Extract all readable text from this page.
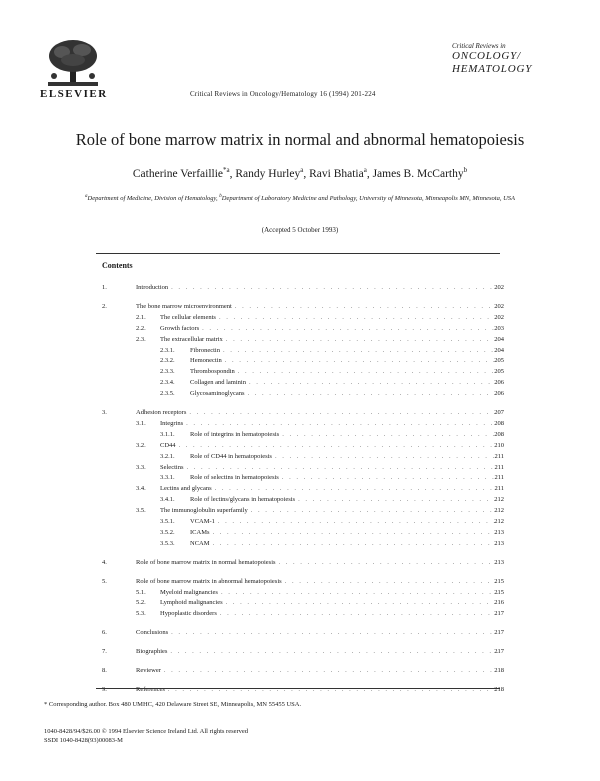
ELSEVIER	Critical Reviews in Oncology/Hematology 16 (1994) 201-224
Critical Reviews in
ONCOLOGY/
HEMATOLOGY
Role of bone marrow matrix in normal and abnormal hematopoiesis
Catherine Verfaillie$^{*a}$, Randy Hurley$^a$, Ravi Bhatia$^a$, James B. McCarthy$^b$
$^a$Department of Medicine, Division of Hematology, $^b$Department of Laboratory Medicine and Pathology, University of Minnesota, Minneapolis MN, Minnesota, USA
(Accepted 5 October 1993)
Contents
1.	Introduction . . .	202
2.	The bone marrow microenvironment . . .	202
2.1. The cellular elements . . .	202
2.2. Growth factors . . .	203
2.3. The extracellular matrix . . .	204
2.3.1. Fibronectin . . .	204
2.3.2. Hemonectin . . .	205
2.3.3. Thrombospondin . . .	205
2.3.4. Collagen and laminin . . .	206
2.3.5. Glycosaminoglycans . . .	206
3.	Adhesion receptors . . .	207
3.1. Integrins . . .	208
3.1.1. Role of integrins in hematopoiesis . . .	208
3.2. CD44 . . .	210
3.2.1. Role of CD44 in hematopoiesis . . .	211
3.3. Selectins . . .	211
3.3.1. Role of selectins in hematopoiesis . . .	211
3.4. Lectins and glycans . . .	211
3.4.1. Role of lectins/glycans in hematopoiesis . . .	212
3.5. The immunoglobulin superfamily . . .	212
3.5.1. VCAM-1 . . .	212
3.5.2. ICAMs . . .	213
3.5.3. NCAM . . .	213
4.	Role of bone marrow matrix in normal hematopoiesis . . .	213
5.	Role of bone marrow matrix in abnormal hematopoiesis . . .	215
5.1. Myeloid malignancies . . .	215
5.2. Lymphoid malignancies . . .	216
5.3. Hypoplastic disorders . . .	217
6.	Conclusions . . .	217
7.	Biographies . . .	217
8.	Reviewer . . .	218
9.	References . . .	218
* Corresponding author. Box 480 UMHC, 420 Delaware Street SE, Minneapolis, MN 55455 USA.
1040-8428/94/$26.00 © 1994 Elsevier Science Ireland Ltd. All rights reserved
SSDI 1040-8428(93)00083-M
